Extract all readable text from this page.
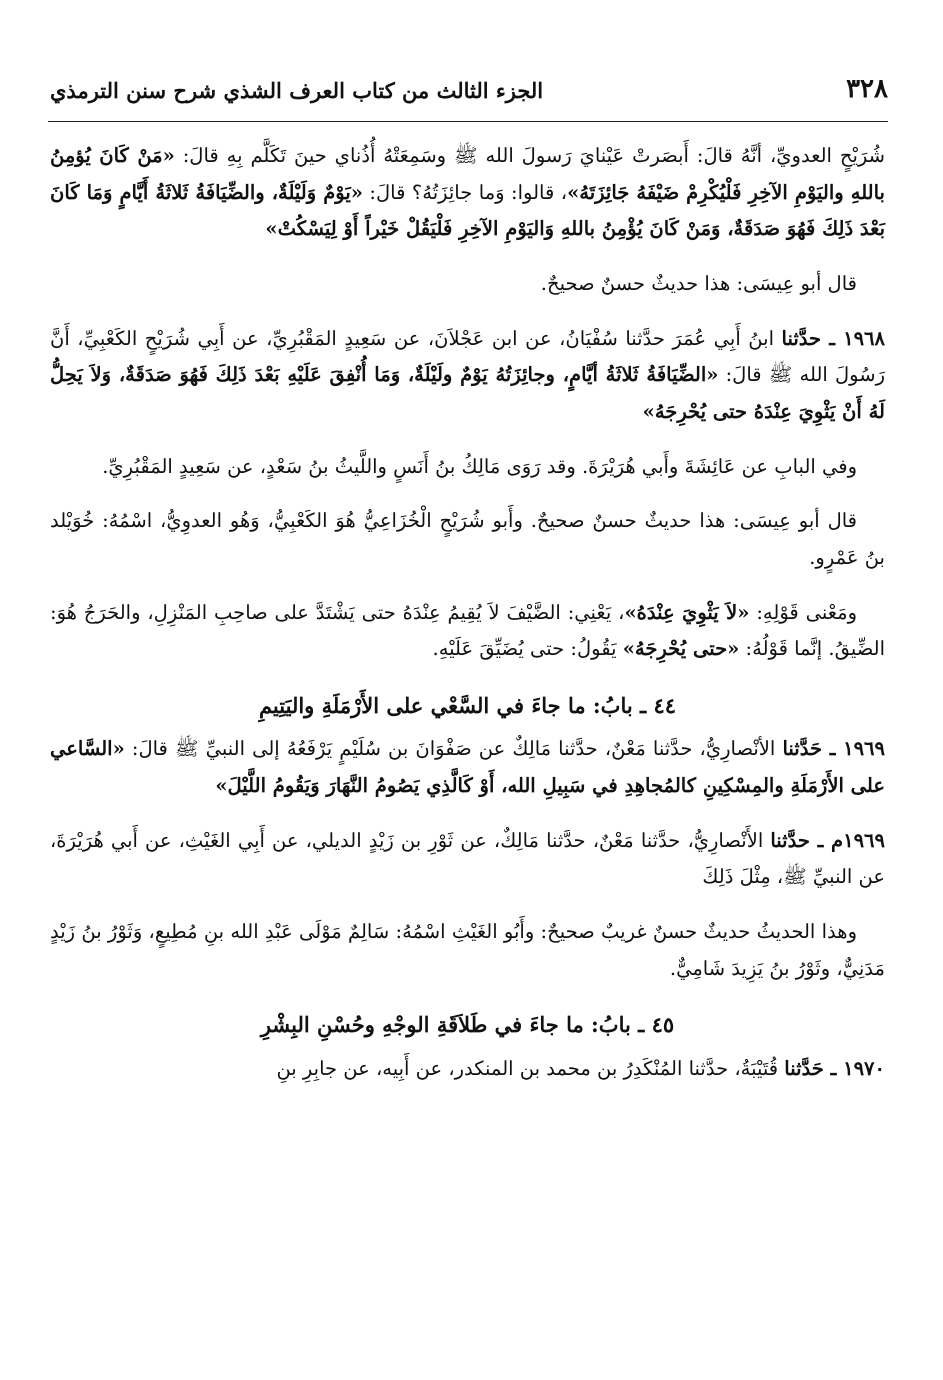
٣٢٨
الجزء الثالث من كتاب العرف الشذي شرح سنن الترمذي

شُرَيْحٍ العدويِّ، أنَّهُ قالَ: أَبصَرتْ عَيْنايَ رَسولَ الله ﷺ وسَمِعَتْهُ أُذُناي حينَ تَكَلَّم بِهِ قالَ: «مَنْ كَانَ يُؤمِنُ باللهِ واليَوْمِ الآخِرِ فَلْيُكْرِمْ ضَيْفَهُ جَائِزَتَهُ»، قالوا: وَما جائِزَتُهُ؟ قالَ: «يَوْمٌ وَلَيْلَةٌ، والضِّيَافَةُ ثَلاثَةُ أَيَّامٍ وَمَا كَانَ بَعْدَ ذَلِكَ فَهُوَ صَدَقَةٌ، وَمَنْ كَانَ يُؤْمِنُ باللهِ وَاليَوْمِ الآخِرِ فَلْيَقُلْ خَيْراً أَوْ لِيَسْكُتْ»

قال أبو عِيسَى: هذا حديثٌ حسنٌ صحيحٌ.

١٩٦٨ ـ حدَّثنا ابنُ أَبِي عُمَرَ حدَّثنا سُفْيَانُ، عن ابن عَجْلاَنَ، عن سَعِيدٍ المَقْبُرِيِّ، عن أَبِي شُرَيْحٍ الكَعْبِيِّ، أَنَّ رَسُولَ الله ﷺ قالَ: «الضِّيَافَةُ ثَلاثَةُ أيَّامٍ، وجائِزَتُهُ يَوْمٌ ولَيْلَةٌ، وَمَا أُنْفِقَ عَلَيْهِ بَعْدَ ذَلِكَ فَهُوَ صَدَقَةٌ، وَلاَ يَحِلُّ لَهُ أَنْ يَثْوِيَ عِنْدَهُ حتى يُحْرِجَهُ»

وفي البابِ عن عَائِشَةَ وأَبي هُرَيْرَةَ. وقد رَوَى مَالِكُ بنُ أَنَسٍ واللَّيثُ بنُ سَعْدٍ، عن سَعِيدٍ المَقْبُرِيِّ.

قال أبو عِيسَى: هذا حديثٌ حسنٌ صحيحٌ. وأَبو شُرَيْحٍ الْخُزَاعِيُّ هُوَ الكَعْبِيُّ، وَهُو العدوِيُّ، اسْمُهُ: خُوَيْلد بنُ عَمْرٍو.

ومَعْنى قَوْلِهِ: «لاَ يَثْوِيَ عِنْدَهُ»، يَعْنِي: الضَّيْفَ لاَ يُقِيمُ عِنْدَهُ حتى يَشْتَدَّ على صاحِبِ المَنْزِلِ، والحَرَجُ هُوَ: الضِّيقُ. إنَّما قَوْلُهُ: «حتى يُحْرِجَهُ» يَقُولُ: حتى يُضَيِّقَ عَلَيْهِ.

٤٤ ـ بابُ: ما جاءَ في السَّعْي على الأَرْمَلَةِ واليَتِيمِ

١٩٦٩ ـ حَدَّثنا الأنْصارِيُّ، حدَّثنا مَعْنٌ، حدَّثنا مَالِكٌ عن صَفْوَانَ بن سُلَيْمٍ يَرْفَعُهُ إلى النبيِّ ﷺ قالَ: «السَّاعي على الأَرْمَلَةِ والمِسْكِينِ كالمُجاهِدِ في سَبِيلِ الله، أَوْ كَالَّذِي يَصُومُ النَّهَارَ وَيَقُومُ اللَّيْلَ»

١٩٦٩م ـ حدَّثنا الأَنْصارِيُّ، حدَّثنا مَعْنٌ، حدَّثنا مَالِكٌ، عن ثَوْرِ بن زَيْدٍ الديلي، عن أَبِي الغَيْثِ، عن أَبي هُرَيْرَةَ، عن النبيِّ ﷺ، مِثْلَ ذَلِكَ

وهذا الحديثُ حديثٌ حسنٌ غريبٌ صحيحٌ: وأَبُو الغَيْثِ اسْمُهُ: سَالِمٌ مَوْلَى عَبْدِ الله بنِ مُطِيعٍ، وَثَوْرُ بنُ زَيْدٍ مَدَنِيٌّ، وثَوْرُ بنُ يَزِيدَ شَامِيٌّ.

٤٥ ـ بابُ: ما جاءَ في طَلاَقَةِ الوجْهِ وحُسْنِ البِشْرِ

١٩٧٠ ـ حَدَّثنا قُتَيْبَةُ، حدَّثنا المُنْكَدِرُ بن محمد بن المنكدر، عن أَبِيه، عن جابِرِ بنِ
